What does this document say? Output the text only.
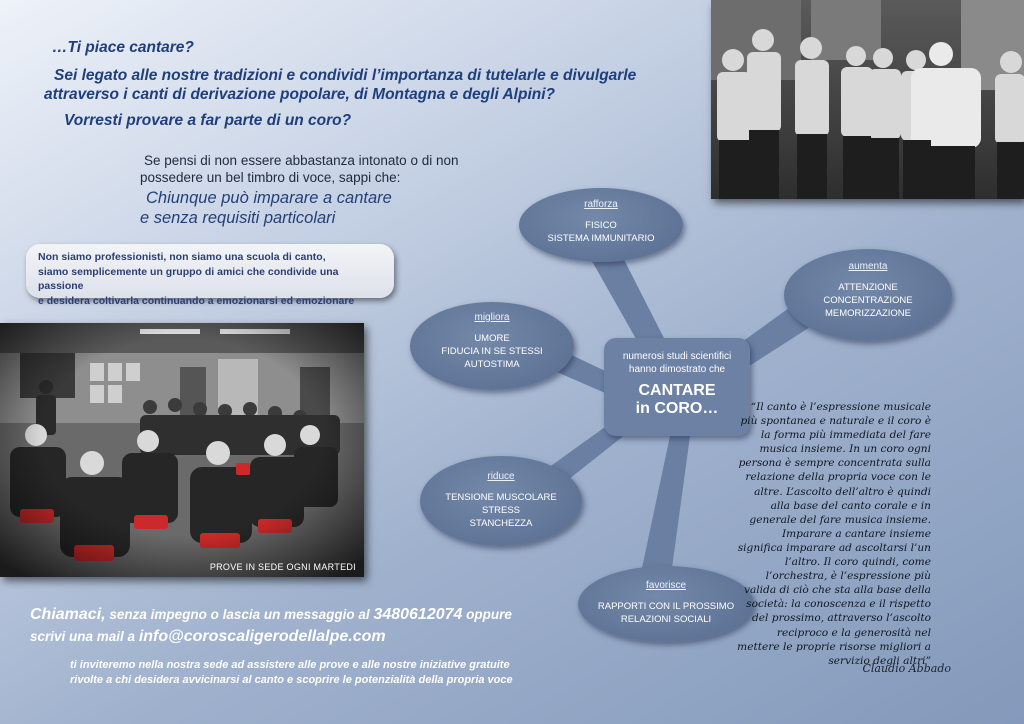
…Ti piace cantare?

Sei legato alle nostre tradizioni e condividi l’importanza di tutelarle e divulgarle

attraverso i canti di derivazione popolare, di Montagna e degli Alpini?

Vorresti provare a far parte di un coro?

Se pensi di non essere abbastanza intonato o di non
possedere un bel timbro di voce, sappi che:
Chiunque può imparare a cantare
e senza requisiti particolari
Non siamo professionisti, non siamo una scuola di canto,
siamo semplicemente un gruppo di amici che condivide una passione
e desidera coltivarla continuando a emozionarsi ed emozionare
PROVE IN SEDE OGNI MARTEDI
rafforza
FISICO
SISTEMA IMMUNITARIO
aumenta
ATTENZIONE
CONCENTRAZIONE
MEMORIZZAZIONE
migliora
UMORE
FIDUCIA IN SE STESSI
AUTOSTIMA
riduce
TENSIONE MUSCOLARE
STRESS
STANCHEZZA
favorisce
RAPPORTI CON IL PROSSIMO
RELAZIONI SOCIALI
numerosi studi scientifici
hanno dimostrato che
CANTARE
in CORO…	“Il canto è l’espressione musicale
più spontanea e naturale e il coro è
la forma più immediata del fare
musica insieme. In un coro ogni
persona è sempre concentrata sulla
relazione della propria voce con le
altre. L’ascolto dell’altro è quindi
alla base del canto corale e in
generale del fare musica insieme.
Imparare a cantare insieme
significa imparare ad ascoltarsi l’un
l’altro. Il coro quindi, come
l’orchestra, è l’espressione più
valida di ciò che sta alla base della
società: la conoscenza e il rispetto
del prossimo, attraverso l’ascolto
reciproco e la generosità nel
mettere le proprie risorse migliori a
servizio degli altri”
Claudio Abbado
Chiamaci, senza impegno o lascia un messaggio al 3480612074 oppure
scrivi una mail a info@coroscaligerodellalpe.com
ti inviteremo nella nostra sede ad assistere alle prove e alle nostre iniziative gratuite
rivolte a chi desidera avvicinarsi al canto e scoprire le potenzialità della propria voce
